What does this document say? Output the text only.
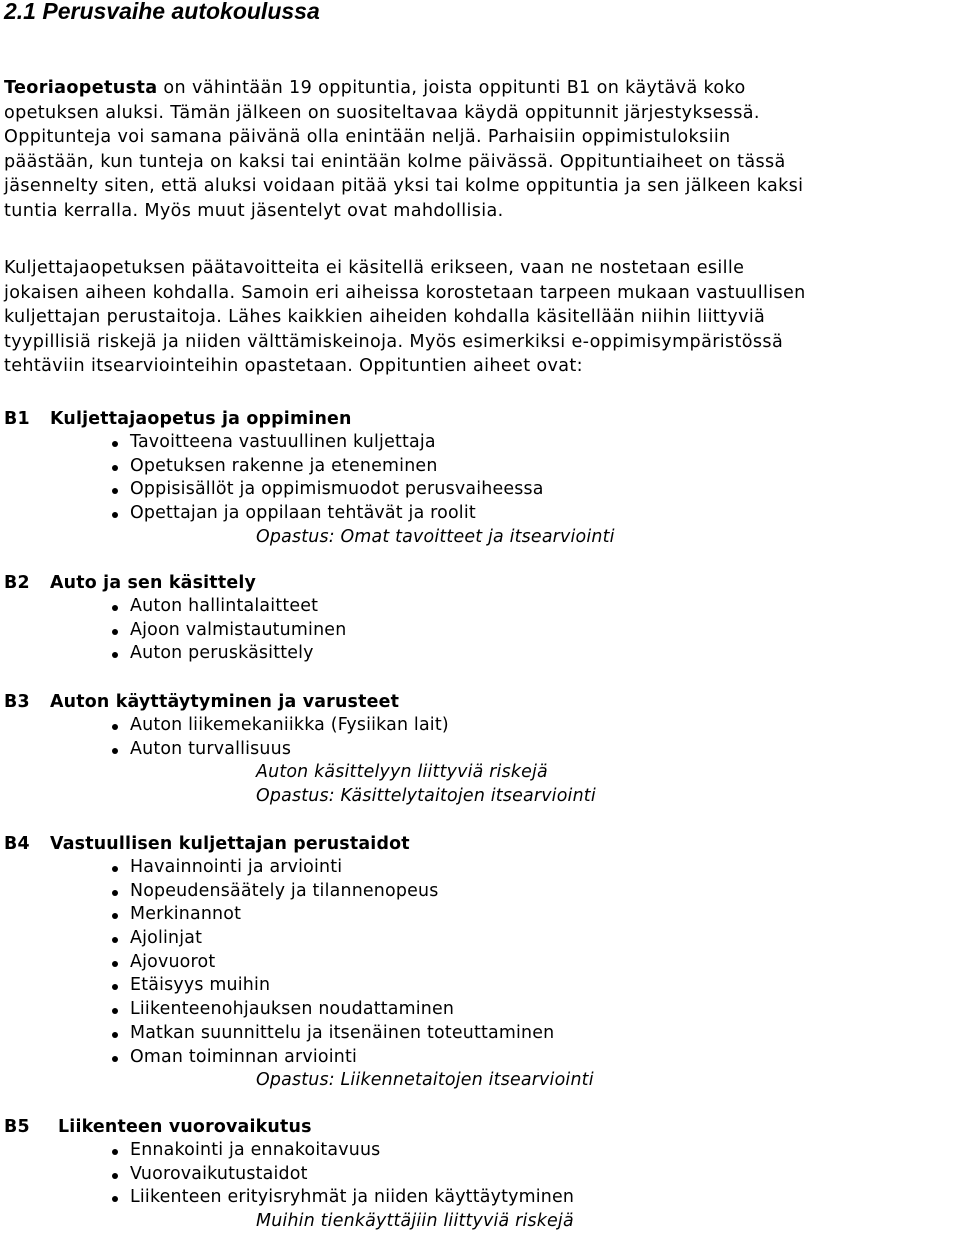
2.1 Perusvaihe autokoulussa
Teoriaopetusta on vähintään 19 oppituntia, joista oppitunti B1 on käytävä koko
opetuksen aluksi. Tämän jälkeen on suositeltavaa käydä oppitunnit järjestyksessä.
Oppitunteja voi samana päivänä olla enintään neljä. Parhaisiin oppimistuloksiin
päästään, kun tunteja on kaksi tai enintään kolme päivässä. Oppituntiaiheet on tässä
jäsennelty siten, että aluksi voidaan pitää yksi tai kolme oppituntia ja sen jälkeen kaksi
tuntia kerralla. Myös muut jäsentelyt ovat mahdollisia.
Kuljettajaopetuksen päätavoitteita ei käsitellä erikseen, vaan ne nostetaan esille
jokaisen aiheen kohdalla. Samoin eri aiheissa korostetaan tarpeen mukaan vastuullisen
kuljettajan perustaitoja. Lähes kaikkien aiheiden kohdalla käsitellään niihin liittyviä
tyypillisiä riskejä ja niiden välttämiskeinoja. Myös esimerkiksi e-oppimisympäristössä
tehtäviin itsearviointeihin opastetaan. Oppituntien aiheet ovat:
B1 Kuljettajaopetus ja oppiminen
Tavoitteena vastuullinen kuljettaja
Opetuksen rakenne ja eteneminen
Oppisisällöt ja oppimismuodot perusvaiheessa
Opettajan ja oppilaan tehtävät ja roolit
Opastus: Omat tavoitteet ja itsearviointi
B2 Auto ja sen käsittely
Auton hallintalaitteet
Ajoon valmistautuminen
Auton peruskäsittely
B3 Auton käyttäytyminen ja varusteet
Auton liikemekaniikka (Fysiikan lait)
Auton turvallisuus
Auton käsittelyyn liittyviä riskejä
Opastus: Käsittelytaitojen itsearviointi
B4 Vastuullisen kuljettajan perustaidot
Havainnointi ja arviointi
Nopeudensäätely ja tilannenopeus
Merkinannot
Ajolinjat
Ajovuorot
Etäisyys muihin
Liikenteenohjauksen noudattaminen
Matkan suunnittelu ja itsenäinen toteuttaminen
Oman toiminnan arviointi
Opastus: Liikennetaitojen itsearviointi
B5 Liikenteen vuorovaikutus
Ennakointi ja ennakoitavuus
Vuorovaikutustaidot
Liikenteen erityisryhmät ja niiden käyttäytyminen
Muihin tienkäyttäjiin liittyviä riskejä
